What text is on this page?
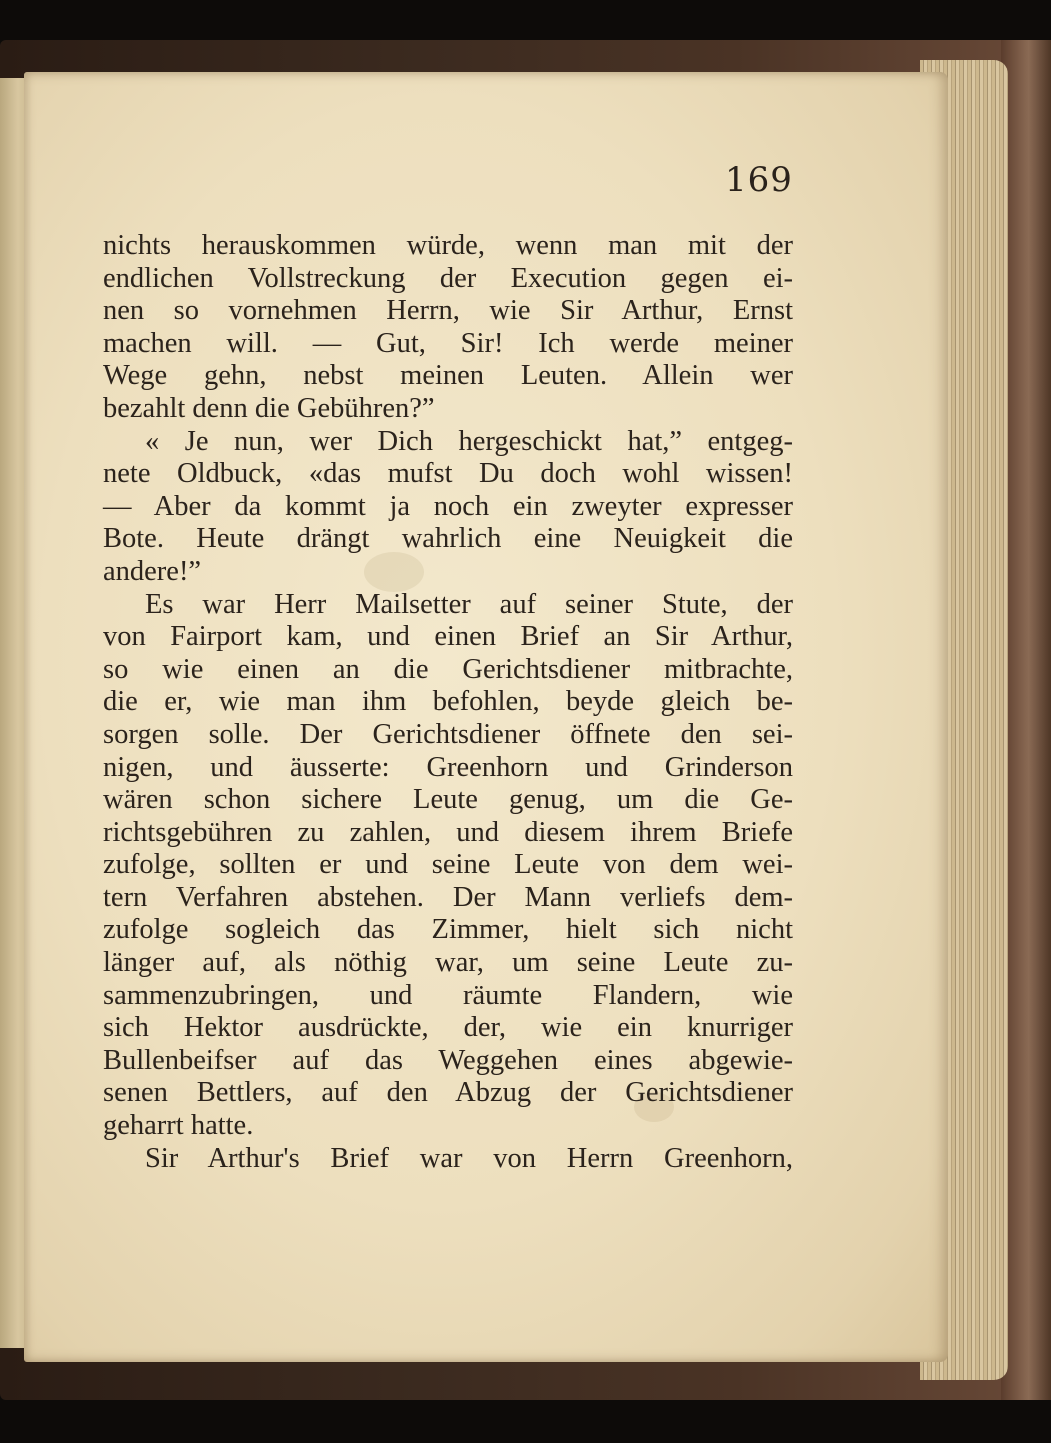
169
nichts herauskommen würde, wenn man mit der
endlichen Vollstreckung der Execution gegen ei-
nen so vornehmen Herrn, wie Sir Arthur, Ernst
machen will. — Gut, Sir! Ich werde meiner
Wege gehn, nebst meinen Leuten. Allein wer
bezahlt denn die Gebühren?”
« Je nun, wer Dich hergeschickt hat,” entgeg-
nete Oldbuck, «das mufst Du doch wohl wissen!
— Aber da kommt ja noch ein zweyter expresser
Bote. Heute drängt wahrlich eine Neuigkeit die
andere!”
Es war Herr Mailsetter auf seiner Stute, der
von Fairport kam, und einen Brief an Sir Arthur,
so wie einen an die Gerichtsdiener mitbrachte,
die er, wie man ihm befohlen, beyde gleich be-
sorgen solle. Der Gerichtsdiener öffnete den sei-
nigen, und äusserte: Greenhorn und Grinderson
wären schon sichere Leute genug, um die Ge-
richtsgebühren zu zahlen, und diesem ihrem Briefe
zufolge, sollten er und seine Leute von dem wei-
tern Verfahren abstehen. Der Mann verliefs dem-
zufolge sogleich das Zimmer, hielt sich nicht
länger auf, als nöthig war, um seine Leute zu-
sammenzubringen, und räumte Flandern, wie
sich Hektor ausdrückte, der, wie ein knurriger
Bullenbeifser auf das Weggehen eines abgewie-
senen Bettlers, auf den Abzug der Gerichtsdiener
geharrt hatte.
Sir Arthur's Brief war von Herrn Greenhorn,
